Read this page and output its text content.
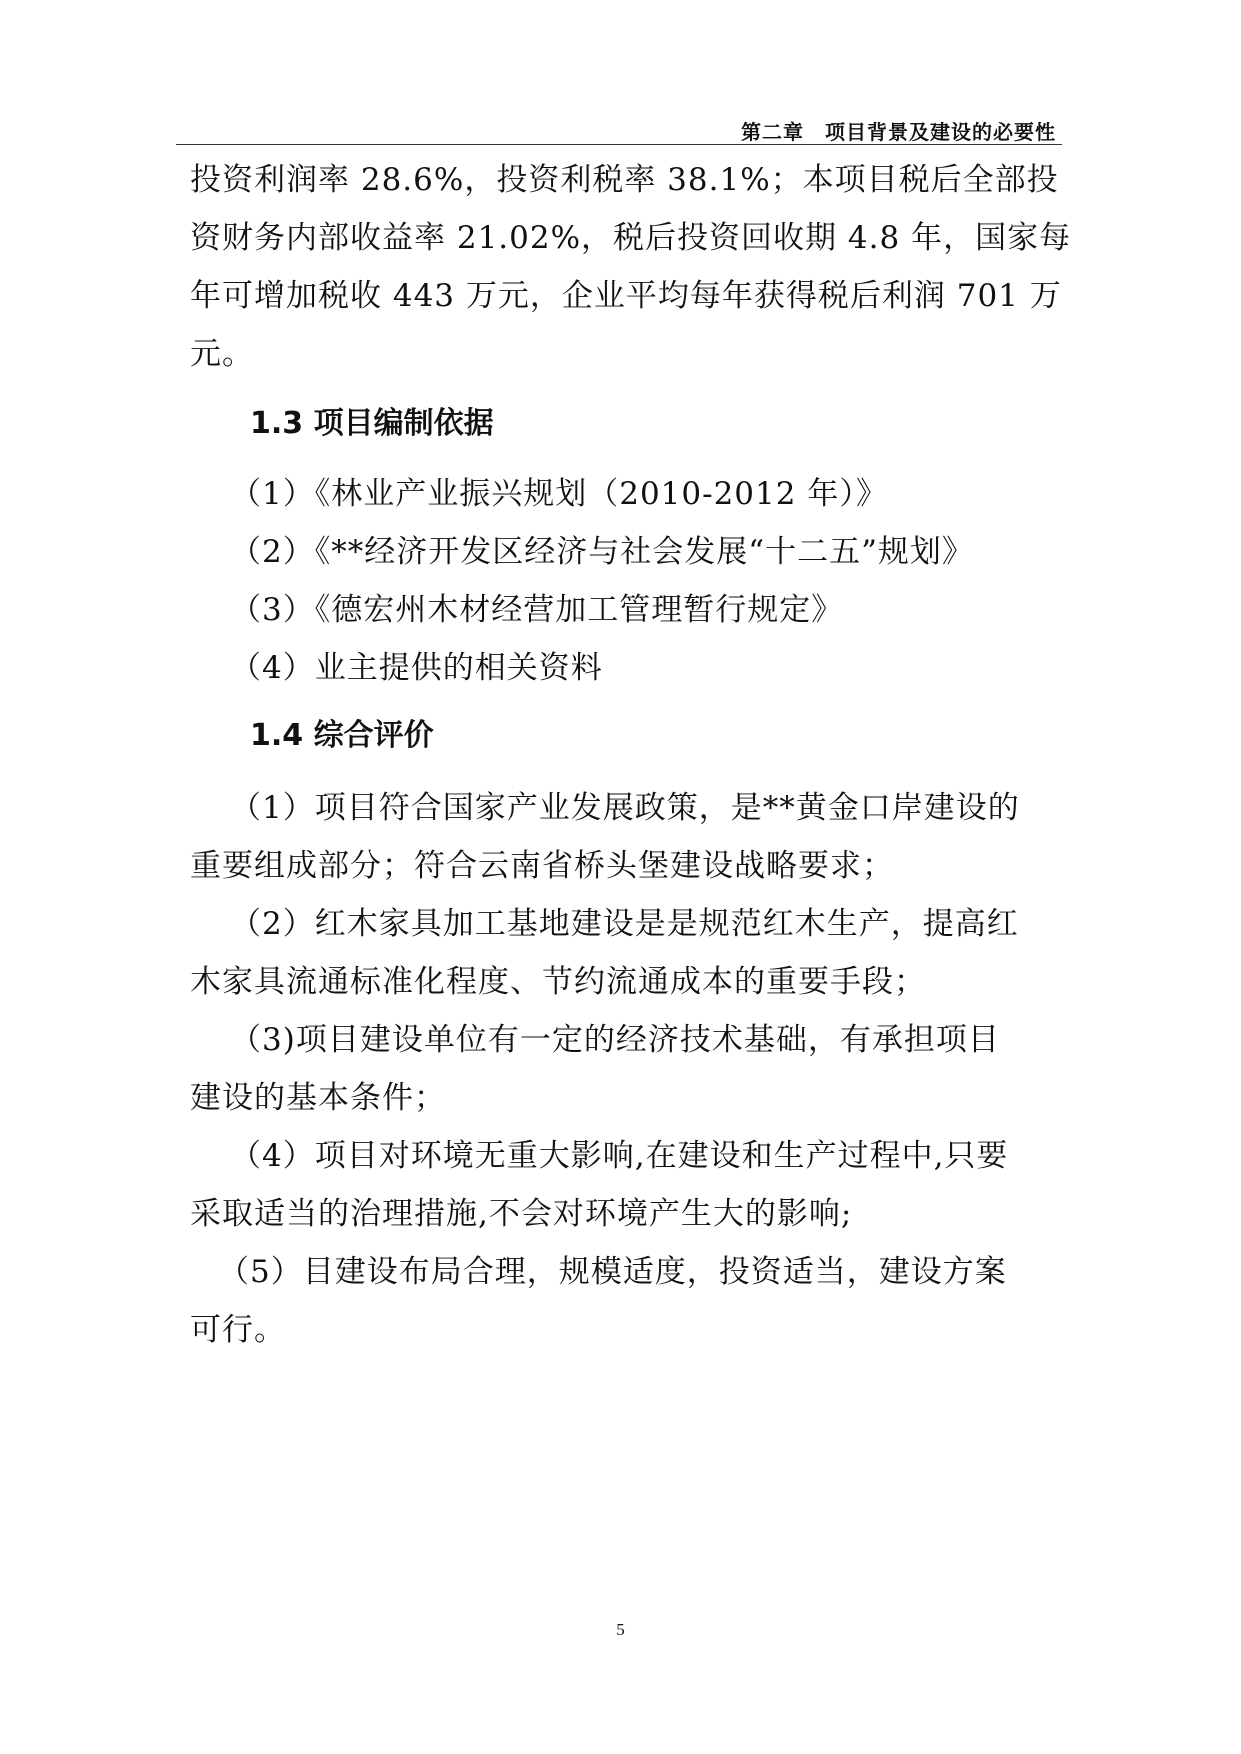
第二章　项目背景及建设的必要性
投资利润率 28.6%，投资利税率 38.1%；本项目税后全部投
资财务内部收益率 21.02%，税后投资回收期 4.8 年，国家每
年可增加税收 443 万元，企业平均每年获得税后利润 701 万
元。
1.3 项目编制依据
（1）《林业产业振兴规划（2010-2012 年）》
（2）《**经济开发区经济与社会发展“十二五”规划》
（3）《德宏州木材经营加工管理暂行规定》
（4）业主提供的相关资料
1.4 综合评价
（1）项目符合国家产业发展政策，是**黄金口岸建设的
重要组成部分；符合云南省桥头堡建设战略要求；
（2）红木家具加工基地建设是是规范红木生产，提高红
木家具流通标准化程度、节约流通成本的重要手段；
（3)项目建设单位有一定的经济技术基础，有承担项目
建设的基本条件；
（4）项目对环境无重大影响,在建设和生产过程中,只要
采取适当的治理措施,不会对环境产生大的影响;
（5）目建设布局合理，规模适度，投资适当，建设方案
可行。
5
